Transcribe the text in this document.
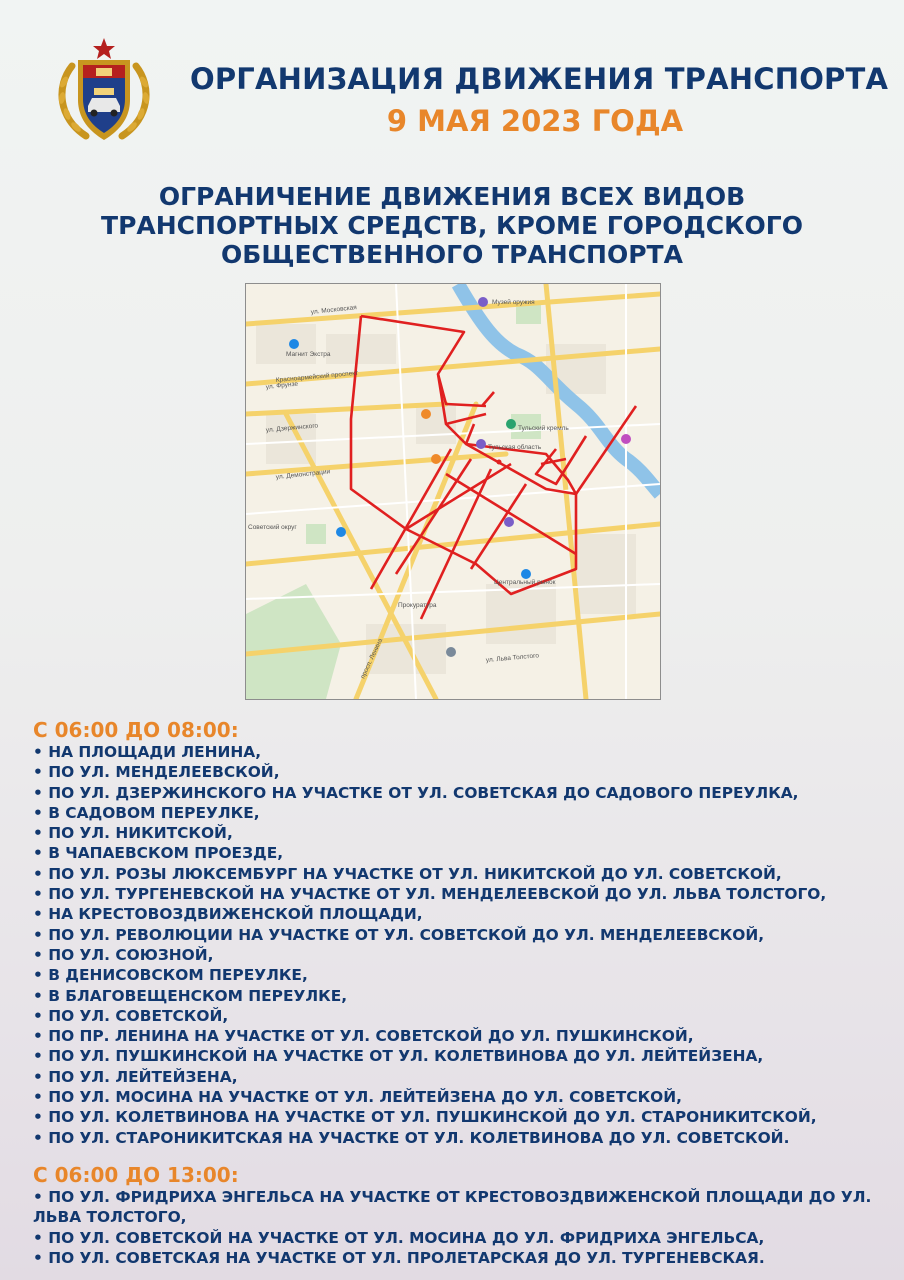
ОРГАНИЗАЦИЯ ДВИЖЕНИЯ ТРАНСПОРТА
9 МАЯ 2023 ГОДА
ОГРАНИЧЕНИЕ ДВИЖЕНИЯ ВСЕХ ВИДОВ ТРАНСПОРТНЫХ СРЕДСТВ, КРОМЕ ГОРОДСКОГО ОБЩЕСТВЕННОГО ТРАНСПОРТА
ул. Московская
ул. Фрунзе
Красноармейский проспект
ул. Дзержинского
ул. Демонстрации
ул. Льва Толстого
просп. Ленина
Советский округ
Прокуратура
Тульский кремль
Тульская область
Центральный рынок
Музей оружия
Магнит Экстра
С 06:00 ДО 08:00:
• НА ПЛОЩАДИ ЛЕНИНА,
• ПО УЛ. МЕНДЕЛЕЕВСКОЙ,
• ПО УЛ. ДЗЕРЖИНСКОГО НА УЧАСТКЕ ОТ УЛ. СОВЕТСКАЯ ДО САДОВОГО ПЕРЕУЛКА,
• В САДОВОМ ПЕРЕУЛКЕ,
• ПО УЛ. НИКИТСКОЙ,
• В ЧАПАЕВСКОМ ПРОЕЗДЕ,
• ПО УЛ. РОЗЫ ЛЮКСЕМБУРГ НА УЧАСТКЕ ОТ УЛ. НИКИТСКОЙ ДО УЛ. СОВЕТСКОЙ,
• ПО УЛ. ТУРГЕНЕВСКОЙ НА УЧАСТКЕ ОТ УЛ. МЕНДЕЛЕЕВСКОЙ ДО УЛ. ЛЬВА ТОЛСТОГО,
• НА КРЕСТОВОЗДВИЖЕНСКОЙ ПЛОЩАДИ,
• ПО УЛ. РЕВОЛЮЦИИ НА УЧАСТКЕ ОТ УЛ. СОВЕТСКОЙ ДО УЛ. МЕНДЕЛЕЕВСКОЙ,
• ПО УЛ. СОЮЗНОЙ,
• В ДЕНИСОВСКОМ ПЕРЕУЛКЕ,
• В БЛАГОВЕЩЕНСКОМ ПЕРЕУЛКЕ,
• ПО УЛ. СОВЕТСКОЙ,
• ПО ПР. ЛЕНИНА НА УЧАСТКЕ ОТ УЛ. СОВЕТСКОЙ ДО УЛ. ПУШКИНСКОЙ,
• ПО УЛ. ПУШКИНСКОЙ НА УЧАСТКЕ ОТ УЛ. КОЛЕТВИНОВА ДО УЛ. ЛЕЙТЕЙЗЕНА,
• ПО УЛ. ЛЕЙТЕЙЗЕНА,
• ПО УЛ. МОСИНА НА УЧАСТКЕ ОТ УЛ. ЛЕЙТЕЙЗЕНА ДО УЛ. СОВЕТСКОЙ,
• ПО УЛ. КОЛЕТВИНОВА НА УЧАСТКЕ ОТ УЛ. ПУШКИНСКОЙ ДО УЛ. СТАРОНИКИТСКОЙ,
• ПО УЛ. СТАРОНИКИТСКАЯ НА УЧАСТКЕ ОТ УЛ. КОЛЕТВИНОВА ДО УЛ. СОВЕТСКОЙ.
С 06:00 ДО 13:00:
• ПО УЛ. ФРИДРИХА ЭНГЕЛЬСА НА УЧАСТКЕ ОТ КРЕСТОВОЗДВИЖЕНСКОЙ ПЛОЩАДИ ДО УЛ. ЛЬВА ТОЛСТОГО,
• ПО УЛ. СОВЕТСКОЙ НА УЧАСТКЕ ОТ УЛ. МОСИНА ДО УЛ. ФРИДРИХА ЭНГЕЛЬСА,
• ПО УЛ. СОВЕТСКАЯ НА УЧАСТКЕ ОТ УЛ. ПРОЛЕТАРСКАЯ ДО УЛ. ТУРГЕНЕВСКАЯ.
